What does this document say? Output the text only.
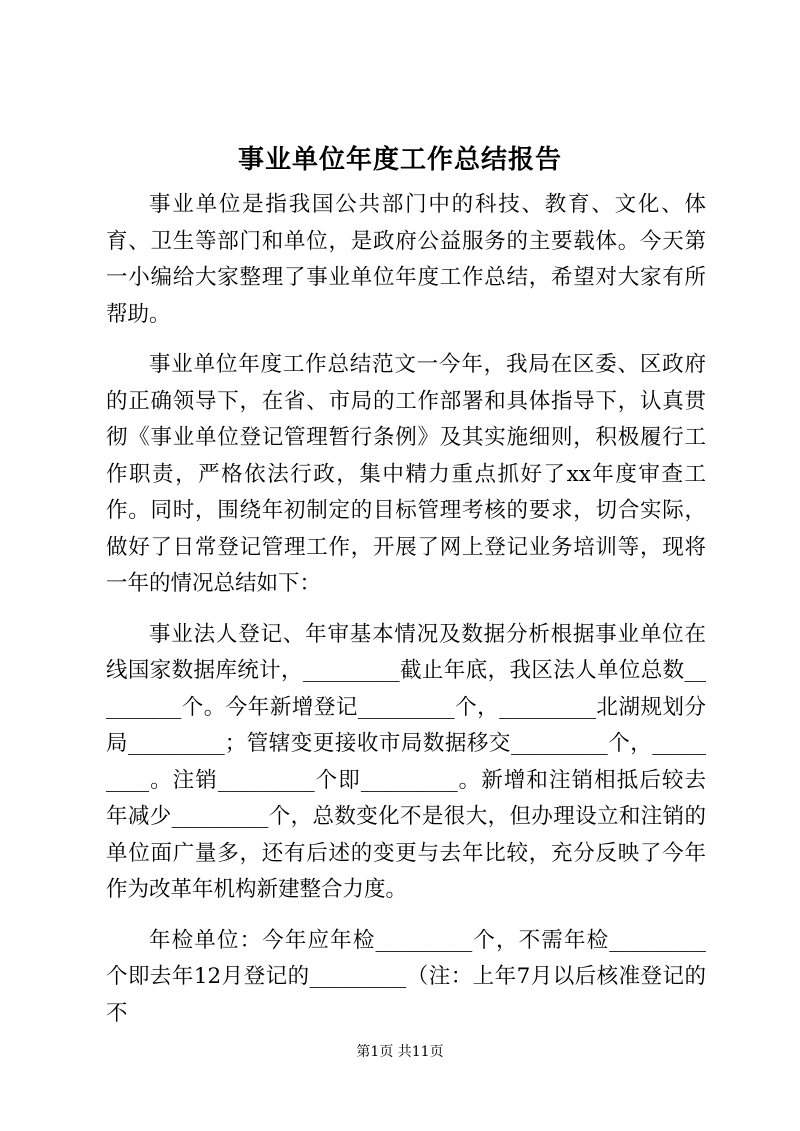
事业单位年度工作总结报告

事业单位是指我国公共部门中的科技、教育、文化、体育、卫生等部门和单位，是政府公益服务的主要载体。今天第一小编给大家整理了事业单位年度工作总结，希望对大家有所帮助。

事业单位年度工作总结范文一今年，我局在区委、区政府的正确领导下，在省、市局的工作部署和具体指导下，认真贯彻《事业单位登记管理暂行条例》及其实施细则，积极履行工作职责，严格依法行政，集中精力重点抓好了xx年度审查工作。同时，围绕年初制定的目标管理考核的要求，切合实际，做好了日常登记管理工作，开展了网上登记业务培训等，现将一年的情况总结如下：

事业法人登记、年审基本情况及数据分析根据事业单位在线国家数据库统计，_________截止年底，我区法人单位总数_________个。今年新增登记_________个，_________北湖规划分局_________；管辖变更接收市局数据移交_________个，_________。注销_________个即_________。新增和注销相抵后较去年减少_________个，总数变化不是很大，但办理设立和注销的单位面广量多，还有后述的变更与去年比较，充分反映了今年作为改革年机构新建整合力度。

年检单位：今年应年检_________个，不需年检_________个即去年12月登记的_________（注：上年7月以后核准登记的不

第1页 共11页
